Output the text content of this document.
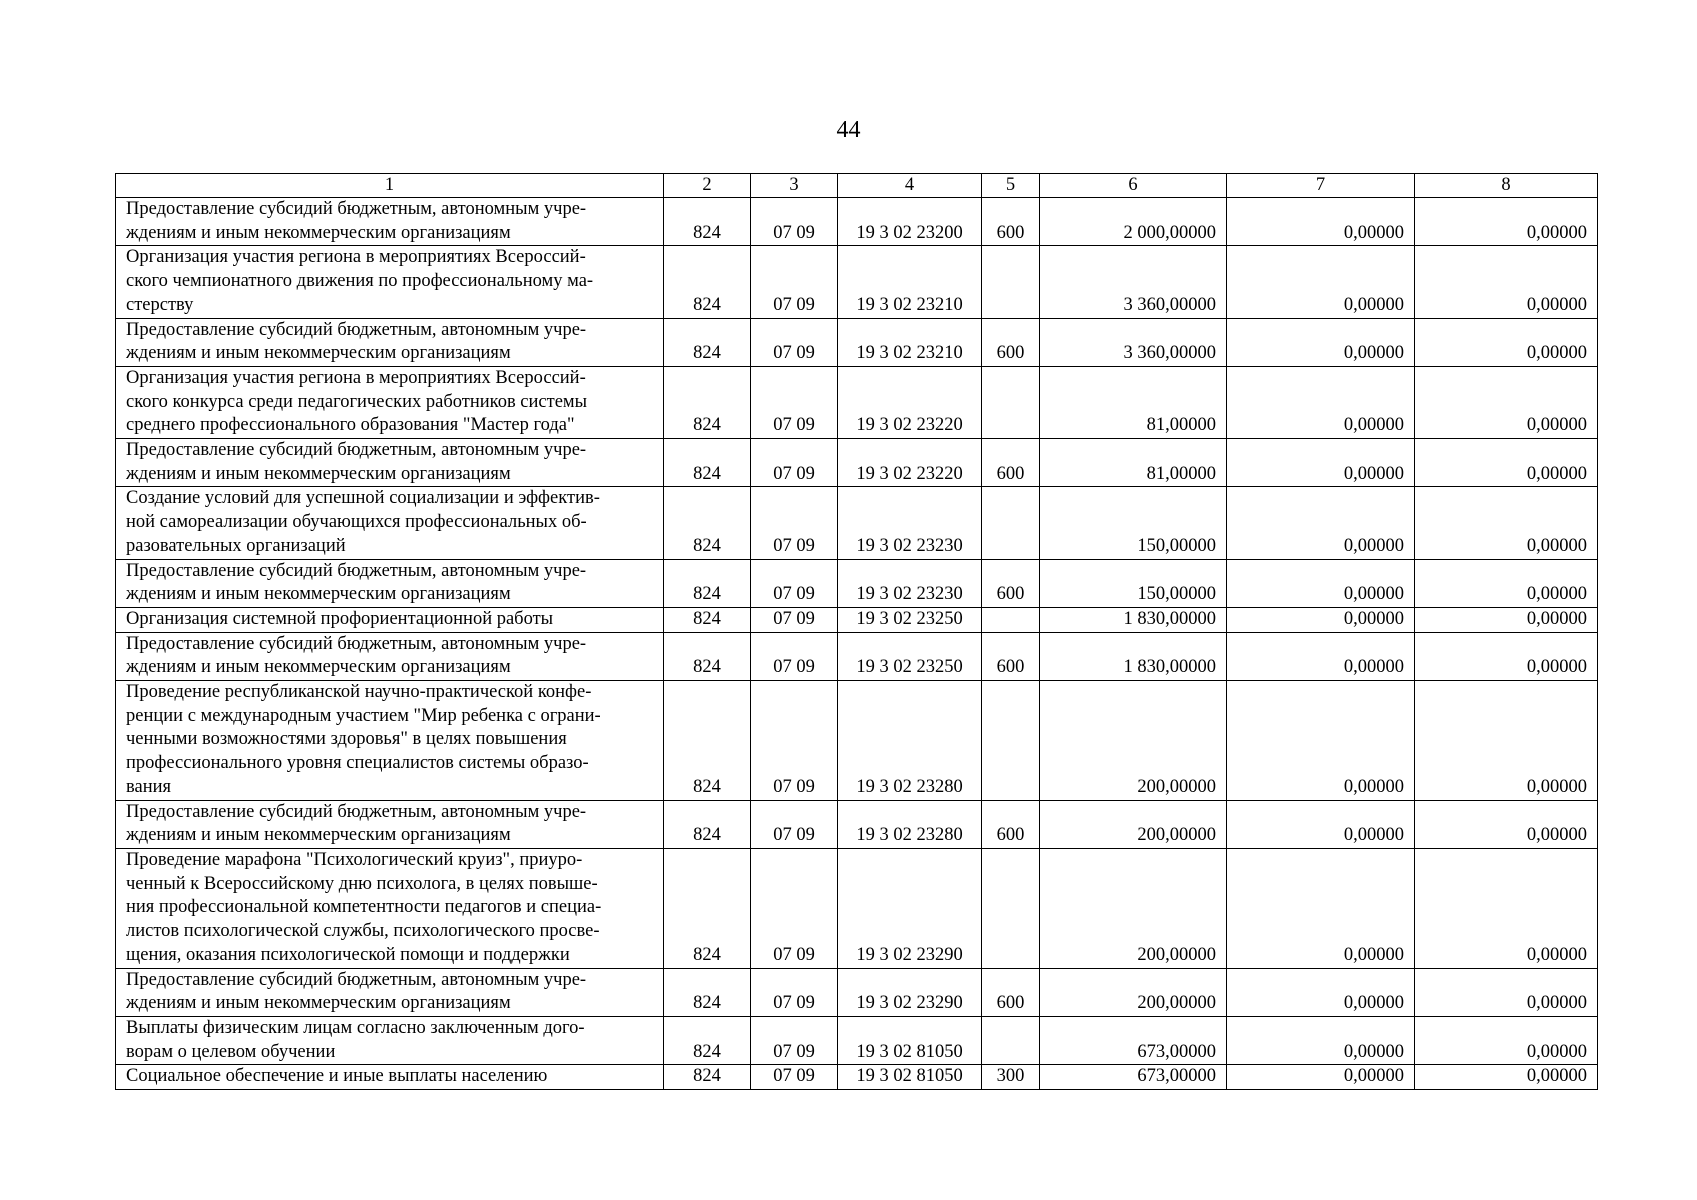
44
1	2	3	4	5	6	7	8

Предоставление субсидий бюджетным, автономным учре-
ждениям и иным некоммерческим организациям	824	07 09	19 3 02 23200	600	2 000,00000	0,00000	0,00000

Организация участия региона в мероприятиях Всероссий-
ского чемпионатного движения по профессиональному ма-
стерству	824	07 09	19 3 02 23210		3 360,00000	0,00000	0,00000

Предоставление субсидий бюджетным, автономным учре-
ждениям и иным некоммерческим организациям	824	07 09	19 3 02 23210	600	3 360,00000	0,00000	0,00000

Организация участия региона в мероприятиях Всероссий-
ского конкурса среди педагогических работников системы
среднего профессионального образования "Мастер года"	824	07 09	19 3 02 23220		81,00000	0,00000	0,00000

Предоставление субсидий бюджетным, автономным учре-
ждениям и иным некоммерческим организациям	824	07 09	19 3 02 23220	600	81,00000	0,00000	0,00000

Создание условий для успешной социализации и эффектив-
ной самореализации обучающихся профессиональных об-
разовательных организаций	824	07 09	19 3 02 23230		150,00000	0,00000	0,00000

Предоставление субсидий бюджетным, автономным учре-
ждениям и иным некоммерческим организациям	824	07 09	19 3 02 23230	600	150,00000	0,00000	0,00000

Организация системной профориентационной работы	824	07 09	19 3 02 23250		1 830,00000	0,00000	0,00000

Предоставление субсидий бюджетным, автономным учре-
ждениям и иным некоммерческим организациям	824	07 09	19 3 02 23250	600	1 830,00000	0,00000	0,00000

Проведение республиканской научно-практической конфе-
ренции с международным участием "Мир ребенка с ограни-
ченными возможностями здоровья" в целях повышения
профессионального уровня специалистов системы образо-
вания	824	07 09	19 3 02 23280		200,00000	0,00000	0,00000

Предоставление субсидий бюджетным, автономным учре-
ждениям и иным некоммерческим организациям	824	07 09	19 3 02 23280	600	200,00000	0,00000	0,00000

Проведение марафона "Психологический круиз", приуро-
ченный к Всероссийскому дню психолога, в целях повыше-
ния профессиональной компетентности педагогов и специа-
листов психологической службы, психологического просве-
щения, оказания психологической помощи и поддержки	824	07 09	19 3 02 23290		200,00000	0,00000	0,00000

Предоставление субсидий бюджетным, автономным учре-
ждениям и иным некоммерческим организациям	824	07 09	19 3 02 23290	600	200,00000	0,00000	0,00000

Выплаты физическим лицам согласно заключенным дого-
ворам о целевом обучении	824	07 09	19 3 02 81050		673,00000	0,00000	0,00000

Социальное обеспечение и иные выплаты населению	824	07 09	19 3 02 81050	300	673,00000	0,00000	0,00000
